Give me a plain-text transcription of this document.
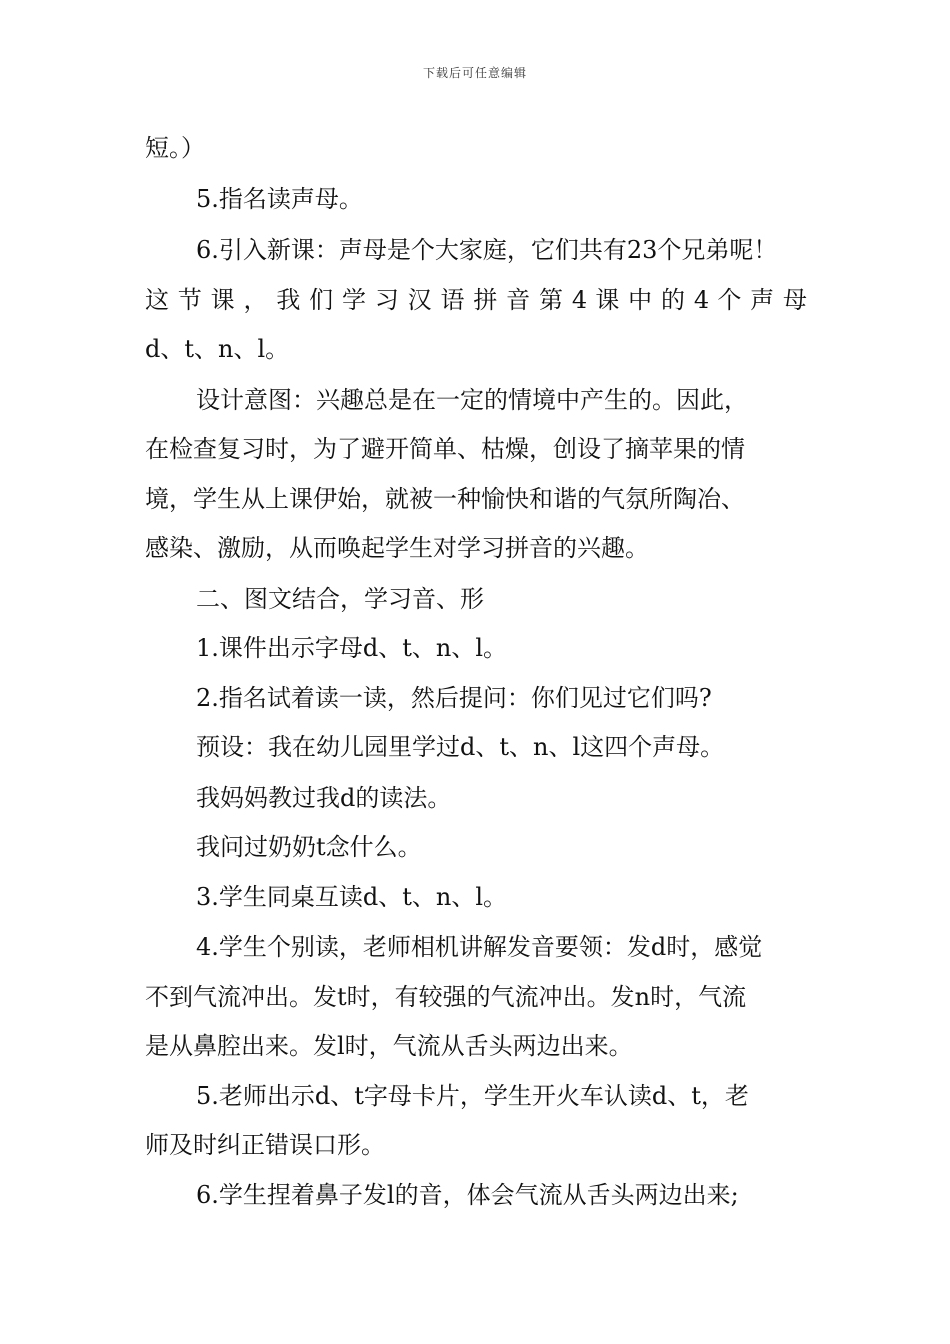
下载后可任意编辑
短。）
5.指名读声母。
6.引入新课：声母是个大家庭，它们共有23个兄弟呢！
这 节 课 ， 我 们 学 习 汉 语 拼 音 第 4 课 中 的 4 个 声 母
d、t、n、l。
设计意图：兴趣总是在一定的情境中产生的。因此，
在检查复习时，为了避开简单、枯燥，创设了摘苹果的情
境，学生从上课伊始，就被一种愉快和谐的气氛所陶冶、
感染、激励，从而唤起学生对学习拼音的兴趣。
二、图文结合，学习音、形
1.课件出示字母d、t、n、l。
2.指名试着读一读，然后提问：你们见过它们吗?
预设：我在幼儿园里学过d、t、n、l这四个声母。
我妈妈教过我d的读法。
我问过奶奶t念什么。
3.学生同桌互读d、t、n、l。
4.学生个别读，老师相机讲解发音要领：发d时，感觉
不到气流冲出。发t时，有较强的气流冲出。发n时，气流
是从鼻腔出来。发l时，气流从舌头两边出来。
5.老师出示d、t字母卡片，学生开火车认读d、t，老
师及时纠正错误口形。
6.学生捏着鼻子发l的音，体会气流从舌头两边出来;
